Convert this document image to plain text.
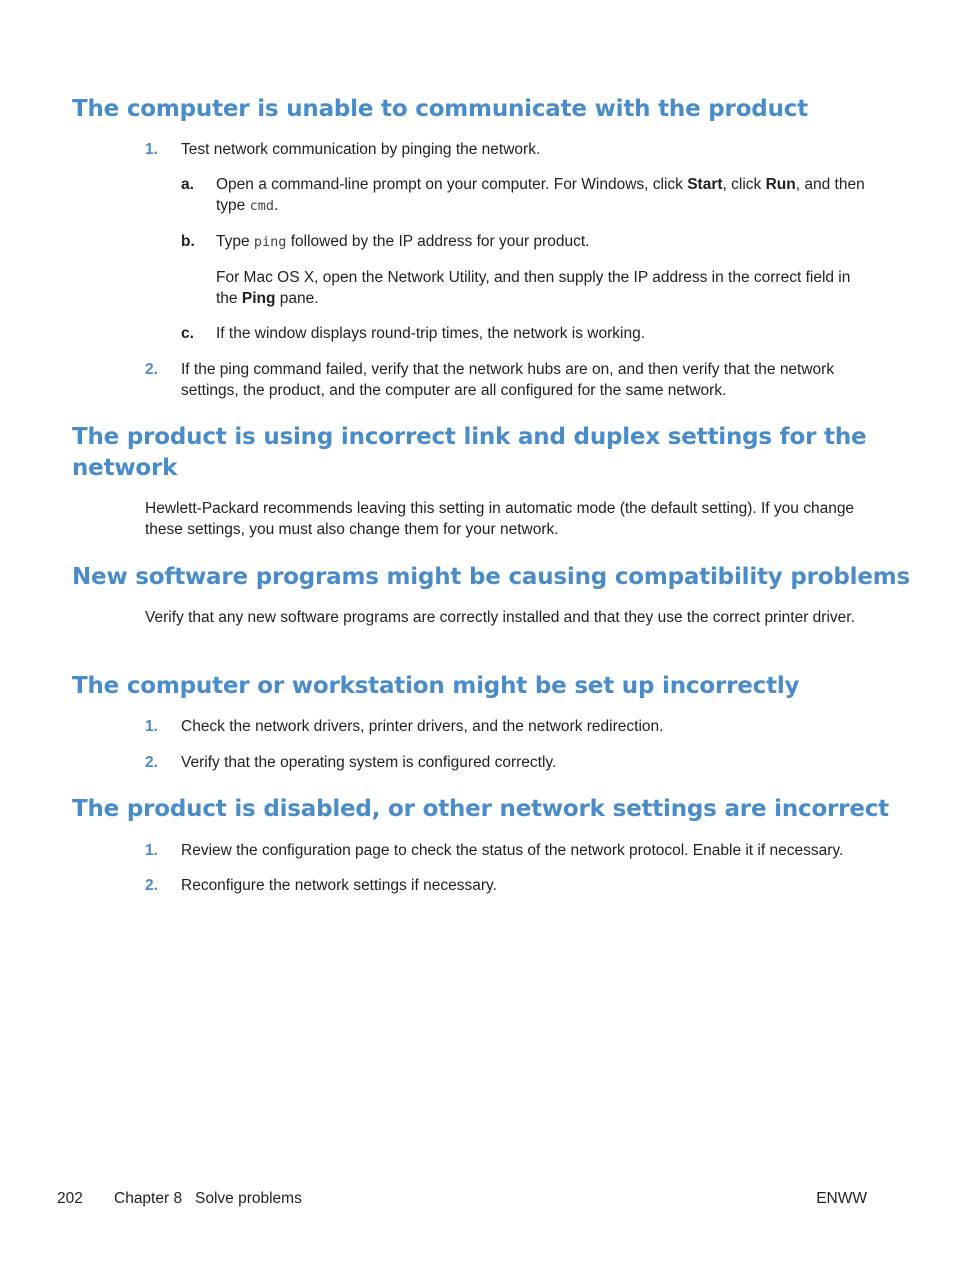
The computer is unable to communicate with the product
1.	Test network communication by pinging the network.
a.	Open a command-line prompt on your computer. For Windows, click Start, click Run, and then type cmd.
b.	Type ping followed by the IP address for your product.
For Mac OS X, open the Network Utility, and then supply the IP address in the correct field in the Ping pane.
c.	If the window displays round-trip times, the network is working.
2.	If the ping command failed, verify that the network hubs are on, and then verify that the network settings, the product, and the computer are all configured for the same network.
The product is using incorrect link and duplex settings for the
network
Hewlett-Packard recommends leaving this setting in automatic mode (the default setting). If you change these settings, you must also change them for your network.
New software programs might be causing compatibility problems
Verify that any new software programs are correctly installed and that they use the correct printer driver.
The computer or workstation might be set up incorrectly
1.	Check the network drivers, printer drivers, and the network redirection.
2.	Verify that the operating system is configured correctly.
The product is disabled, or other network settings are incorrect
1.	Review the configuration page to check the status of the network protocol. Enable it if necessary.
2.	Reconfigure the network settings if necessary.
202 Chapter 8   Solve problems	ENWW
